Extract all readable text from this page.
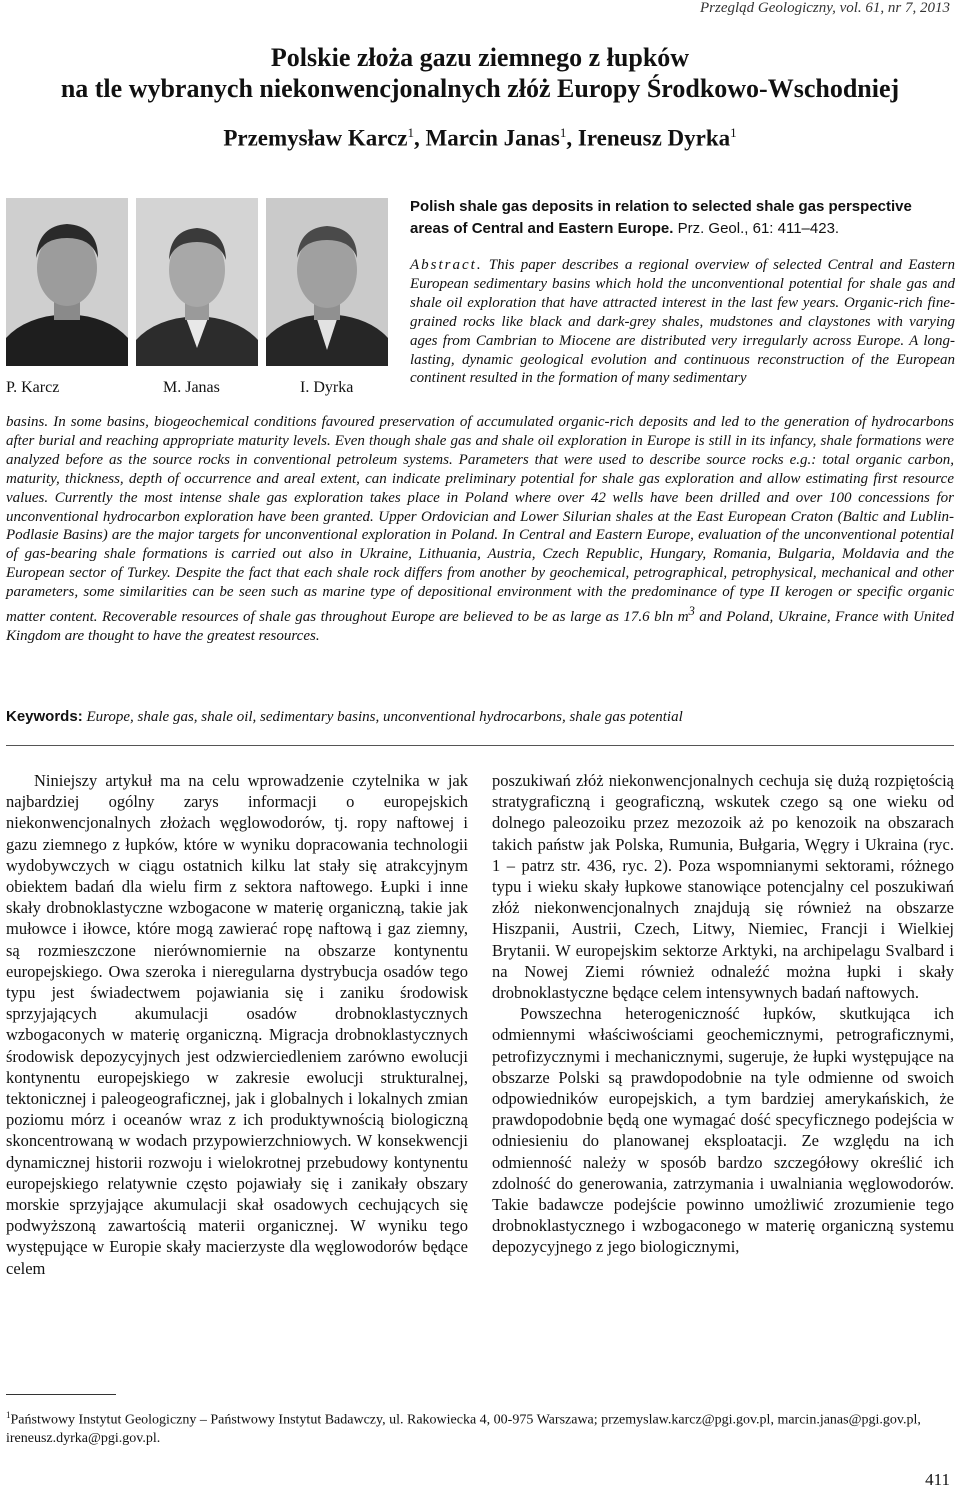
Przegląd Geologiczny, vol. 61, nr 7, 2013
Polskie złoża gazu ziemnego z łupków
na tle wybranych niekonwencjonalnych złóż Europy Środkowo-Wschodniej
Przemysław Karcz$^1$, Marcin Janas$^1$, Ireneusz Dyrka$^1$
P. Karcz	M. Janas	I. Dyrka
Polish shale gas deposits in relation to selected shale gas perspective areas of Central and Eastern Europe. Prz. Geol., 61: 411–423.
Abstract. This paper describes a regional overview of selected Central and Eastern European sedimentary basins which hold the unconventional potential for shale gas and shale oil exploration that have attracted interest in the last few years. Organic-rich fine-grained rocks like black and dark-grey shales, mudstones and claystones with varying ages from Cambrian to Miocene are distributed very irregularly across Europe. A long-lasting, dynamic geological evolution and continuous reconstruction of the European continent resulted in the formation of many sedimentary
basins. In some basins, biogeochemical conditions favoured preservation of accumulated organic-rich deposits and led to the generation of hydrocarbons after burial and reaching appropriate maturity levels. Even though shale gas and shale oil exploration in Europe is still in its infancy, shale formations were analyzed before as the source rocks in conventional petroleum systems. Parameters that were used to describe source rocks e.g.: total organic carbon, maturity, thickness, depth of occurrence and areal extent, can indicate preliminary potential for shale gas exploration and allow estimating first resource values. Currently the most intense shale gas exploration takes place in Poland where over 42 wells have been drilled and over 100 concessions for unconventional hydrocarbon exploration have been granted. Upper Ordovician and Lower Silurian shales at the East European Craton (Baltic and Lublin-Podlasie Basins) are the major targets for unconventional exploration in Poland. In Central and Eastern Europe, evaluation of the unconventional potential of gas-bearing shale formations is carried out also in Ukraine, Lithuania, Austria, Czech Republic, Hungary, Romania, Bulgaria, Moldavia and the European sector of Turkey. Despite the fact that each shale rock differs from another by geochemical, petrographical, petrophysical, mechanical and other parameters, some similarities can be seen such as marine type of depositional environment with the predominance of type II kerogen or specific organic matter content. Recoverable resources of shale gas throughout Europe are believed to be as large as 17.6 bln $m^3$ and Poland, Ukraine, France with United Kingdom are thought to have the greatest resources.
Keywords: Europe, shale gas, shale oil, sedimentary basins, unconventional hydrocarbons, shale gas potential

Niniejszy artykuł ma na celu wprowadzenie czytelnika w jak najbardziej ogólny zarys informacji o europejskich niekonwencjonalnych złożach węglowodorów, tj. ropy naftowej i gazu ziemnego z łupków, które w wyniku dopracowania technologii wydobywczych w ciągu ostatnich kilku lat stały się atrakcyjnym obiektem badań dla wielu firm z sektora naftowego. Łupki i inne skały drobnoklastyczne wzbogacone w materię organiczną, takie jak mułowce i iłowce, które mogą zawierać ropę naftową i gaz ziemny, są rozmieszczone nierównomiernie na obszarze kontynentu europejskiego. Owa szeroka i nieregularna dystrybucja osadów tego typu jest świadectwem pojawiania się i zaniku środowisk sprzyjających akumulacji osadów drobnoklastycznych wzbogaconych w materię organiczną. Migracja drobnoklastycznych środowisk depozycyjnych jest odzwierciedleniem zarówno ewolucji kontynentu europejskiego w zakresie ewolucji strukturalnej, tektonicznej i paleogeograficznej, jak i globalnych i lokalnych zmian poziomu mórz i oceanów wraz z ich produktywnością biologiczną skoncentrowaną w wodach przypowierzchniowych. W konsekwencji dynamicznej historii rozwoju i wielokrotnej przebudowy kontynentu europejskiego relatywnie często pojawiały się i zanikały obszary morskie sprzyjające akumulacji skał osadowych cechujących się podwyższoną zawartością materii organicznej. W wyniku tego występujące w Europie skały macierzyste dla węglowodorów będące celem

poszukiwań złóż niekonwencjonalnych cechuja się dużą rozpiętością stratygraficzną i geograficzną, wskutek czego są one wieku od dolnego paleozoiku przez mezozoik aż po kenozoik na obszarach takich państw jak Polska, Rumunia, Bułgaria, Węgry i Ukraina (ryc. 1 – patrz str. 436, ryc. 2). Poza wspomnianymi sektorami, różnego typu i wieku skały łupkowe stanowiące potencjalny cel poszukiwań złóż niekonwencjonalnych znajdują się również na obszarze Hiszpanii, Austrii, Czech, Litwy, Niemiec, Francji i Wielkiej Brytanii. W europejskim sektorze Arktyki, na archipelagu Svalbard i na Nowej Ziemi również odnaleźć można łupki i skały drobnoklastyczne będące celem intensywnych badań naftowych.

Powszechna heterogeniczność łupków, skutkująca ich odmiennymi właściwościami geochemicznymi, petrograficznymi, petrofizycznymi i mechanicznymi, sugeruje, że łupki występujące na obszarze Polski są prawdopodobnie na tyle odmienne od swoich odpowiedników europejskich, a tym bardziej amerykańskich, że prawdopodobnie będą one wymagać dość specyficznego podejścia w odniesieniu do planowanej eksploatacji. Ze względu na ich odmienność należy w sposób bardzo szczegółowy określić ich zdolność do generowania, zatrzymania i uwalniania węglowodorów. Takie badawcze podejście powinno umożliwić zrozumienie tego drobnoklastycznego i wzbogaconego w materię organiczną systemu depozycyjnego z jego biologicznymi,

$^1$Państwowy Instytut Geologiczny – Państwowy Instytut Badawczy, ul. Rakowiecka 4, 00-975 Warszawa; przemyslaw.karcz@pgi.gov.pl, marcin.janas@pgi.gov.pl, ireneusz.dyrka@pgi.gov.pl.
411
